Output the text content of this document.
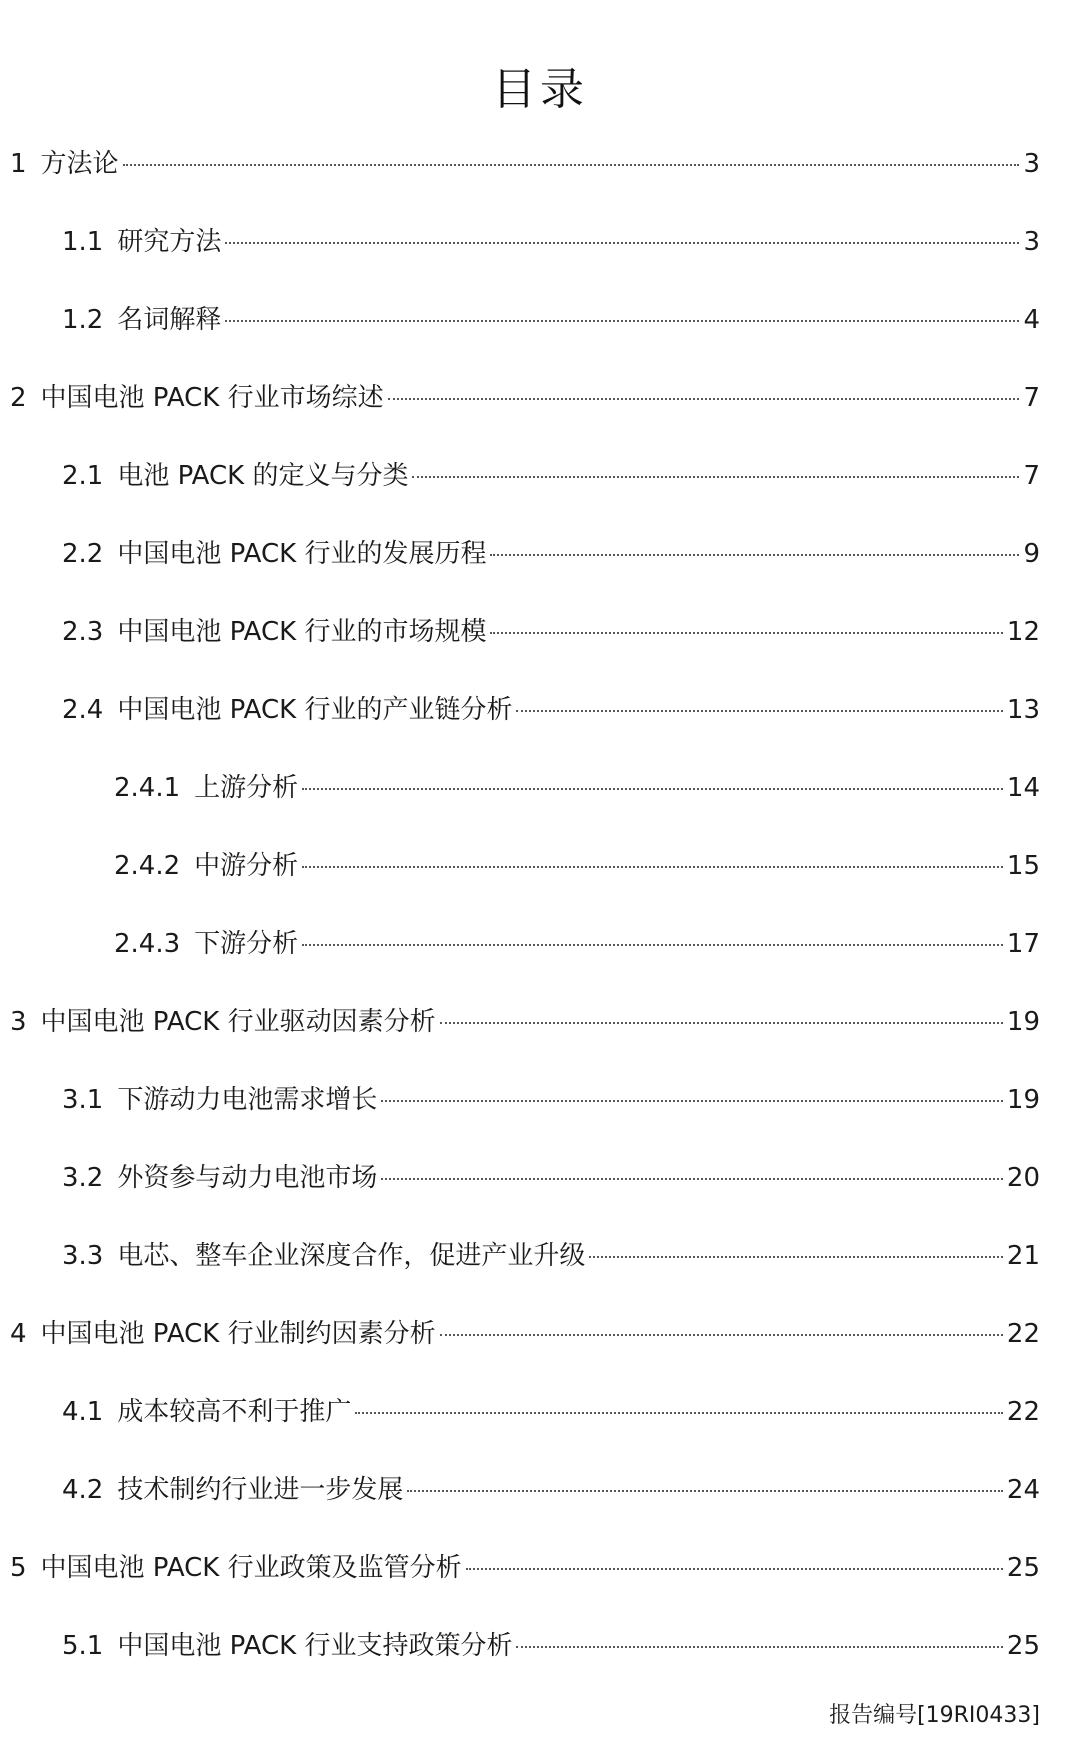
目录
1 方法论	3
1.1 研究方法	3
1.2 名词解释	4
2 中国电池 PACK 行业市场综述	7
2.1 电池 PACK 的定义与分类	7
2.2 中国电池 PACK 行业的发展历程	9
2.3 中国电池 PACK 行业的市场规模	12
2.4 中国电池 PACK 行业的产业链分析	13
2.4.1 上游分析	14
2.4.2 中游分析	15
2.4.3 下游分析	17
3 中国电池 PACK 行业驱动因素分析	19
3.1 下游动力电池需求增长	19
3.2 外资参与动力电池市场	20
3.3 电芯、整车企业深度合作，促进产业升级	21
4 中国电池 PACK 行业制约因素分析	22
4.1 成本较高不利于推广	22
4.2 技术制约行业进一步发展	24
5 中国电池 PACK 行业政策及监管分析	25
5.1 中国电池 PACK 行业支持政策分析	25
报告编号[19RI0433]
